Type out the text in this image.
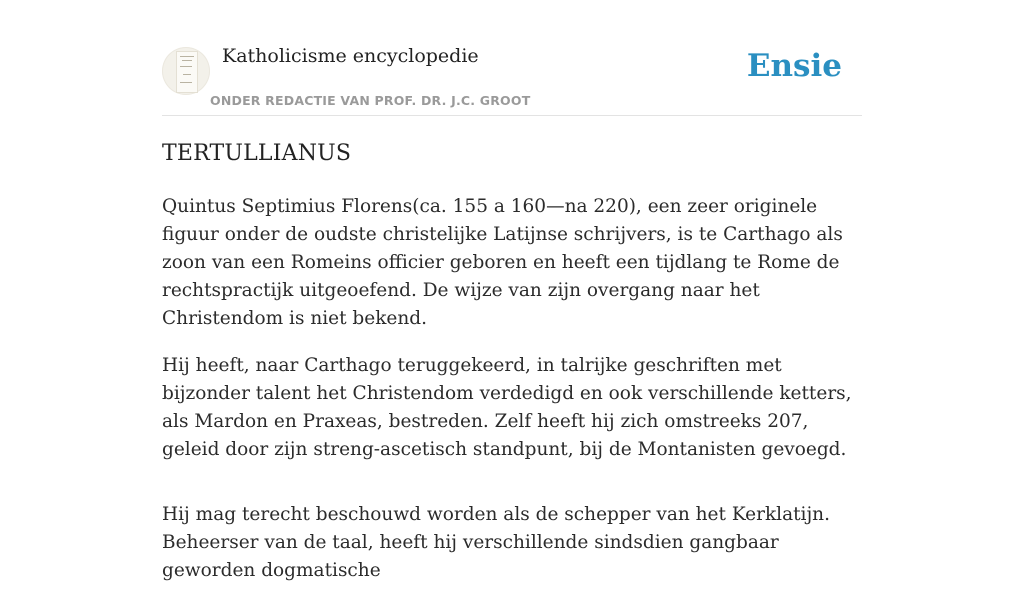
Katholicisme encyclopedie
ONDER REDACTIE VAN PROF. DR. J.C. GROOT
Ensie
TERTULLIANUS

Quintus Septimius Florens(ca. 155 a 160—na 220), een zeer originele figuur onder de oudste christelijke Latijnse schrijvers, is te Carthago als zoon van een Romeins officier geboren en heeft een tijdlang te Rome de rechtspractijk uitgeoefend. De wijze van zijn overgang naar het Christendom is niet bekend.

Hij heeft, naar Carthago teruggekeerd, in talrijke geschriften met bijzonder talent het Christendom verdedigd en ook verschillende ketters, als Mardon en Praxeas, bestreden. Zelf heeft hij zich omstreeks 207, geleid door zijn streng-ascetisch standpunt, bij de Montanisten gevoegd.

Hij mag terecht beschouwd worden als de schepper van het Kerklatijn. Beheerser van de taal, heeft hij verschillende sindsdien gangbaar geworden dogmatische
